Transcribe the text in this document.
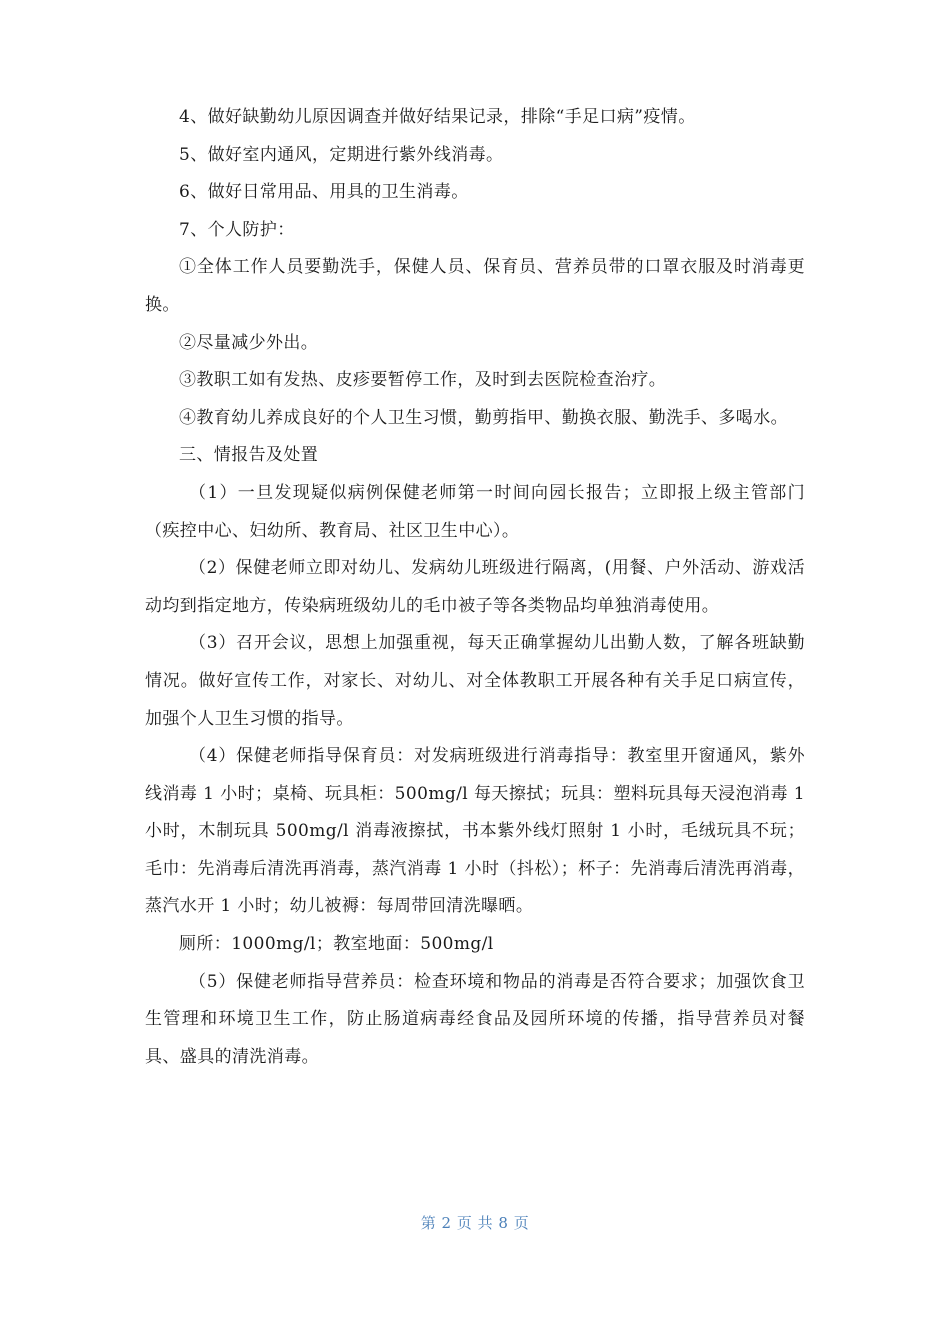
4、做好缺勤幼儿原因调查并做好结果记录，排除“手足口病”疫情。

5、做好室内通风，定期进行紫外线消毒。

6、做好日常用品、用具的卫生消毒。

7、个人防护：

①全体工作人员要勤洗手，保健人员、保育员、营养员带的口罩衣服及时消毒更换。

②尽量减少外出。

③教职工如有发热、皮疹要暂停工作，及时到去医院检查治疗。

④教育幼儿养成良好的个人卫生习惯，勤剪指甲、勤换衣服、勤洗手、多喝水。

三、情报告及处置

（1）一旦发现疑似病例保健老师第一时间向园长报告；立即报上级主管部门（疾控中心、妇幼所、教育局、社区卫生中心）。

（2）保健老师立即对幼儿、发病幼儿班级进行隔离，(用餐、户外活动、游戏活动均到指定地方，传染病班级幼儿的毛巾被子等各类物品均单独消毒使用。

（3）召开会议，思想上加强重视，每天正确掌握幼儿出勤人数，了解各班缺勤情况。做好宣传工作，对家长、对幼儿、对全体教职工开展各种有关手足口病宣传，加强个人卫生习惯的指导。

（4）保健老师指导保育员：对发病班级进行消毒指导：教室里开窗通风，紫外线消毒 1 小时；桌椅、玩具柜：500mg/l 每天擦拭；玩具：塑料玩具每天浸泡消毒 1 小时，木制玩具 500mg/l 消毒液擦拭，书本紫外线灯照射 1 小时，毛绒玩具不玩；毛巾：先消毒后清洗再消毒，蒸汽消毒 1 小时（抖松）；杯子：先消毒后清洗再消毒，蒸汽水开 1 小时；幼儿被褥：每周带回清洗曝晒。

厕所：1000mg/l；教室地面：500mg/l

（5）保健老师指导营养员：检查环境和物品的消毒是否符合要求；加强饮食卫生管理和环境卫生工作，防止肠道病毒经食品及园所环境的传播，指导营养员对餐具、盛具的清洗消毒。

第 2 页 共 8 页
